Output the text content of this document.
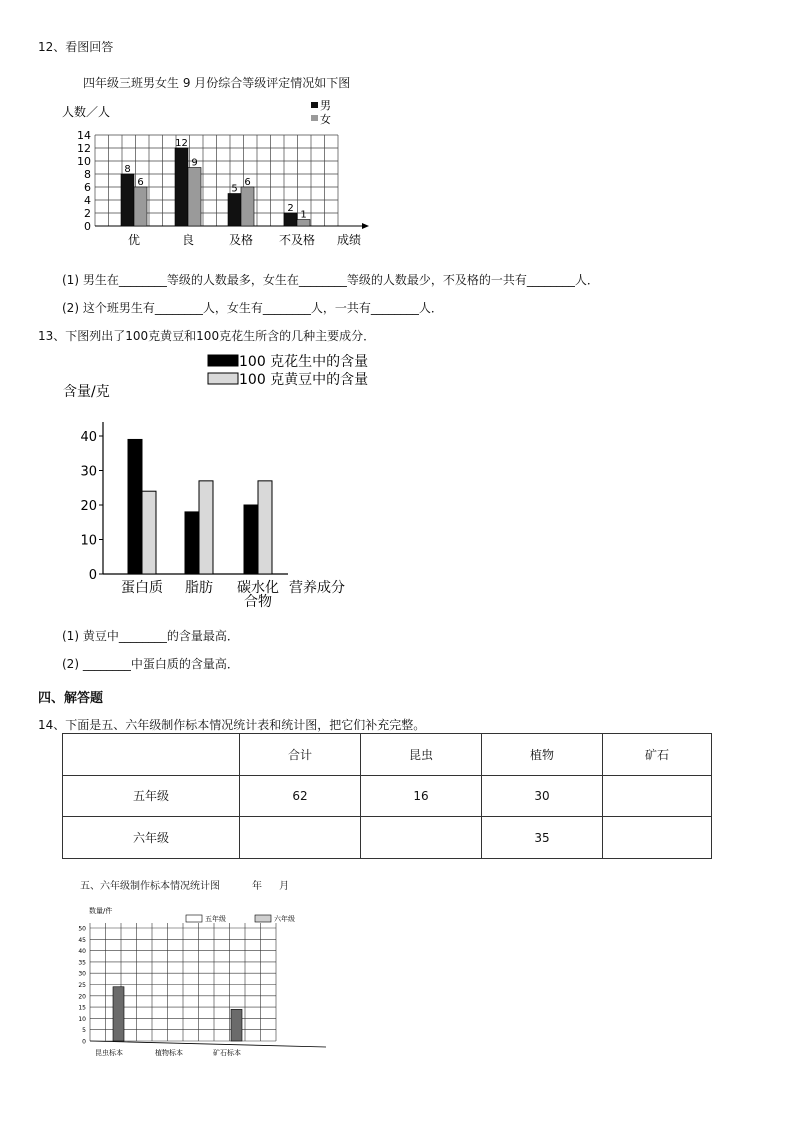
12、看图回答
四年级三班男女生 9 月份综合等级评定情况如下图
0
2
4
6
8
10
12
14
人数／人
8
6
优
12
9
良
5
6
及格
2
1
不及格 成绩
男
女
(1) 男生在________等级的人数最多，女生在________等级的人数最少，不及格的一共有________人．
(2) 这个班男生有________人，女生有________人，一共有________人．
13、下图列出了100克黄豆和100克花生所含的几种主要成分．
0
10
20
30
40
含量/克
蛋白质 脂肪 碳水化
合物
营养成分
100 克花生中的含量
100 克黄豆中的含量
(1) 黄豆中________的含量最高．
(2) ________中蛋白质的含量高．
四、解答题
14、下面是五、六年级制作标本情况统计表和统计图，把它们补充完整。
	合计	昆虫	植物	矿石
五年级	62	16	30	
六年级			35	
五、六年级制作标本情况统计图	年 月
0
5
10
15
20
25
30
35
40
45
50
数量/件
昆虫标本	植物标本	矿石标本
五年级	六年级
